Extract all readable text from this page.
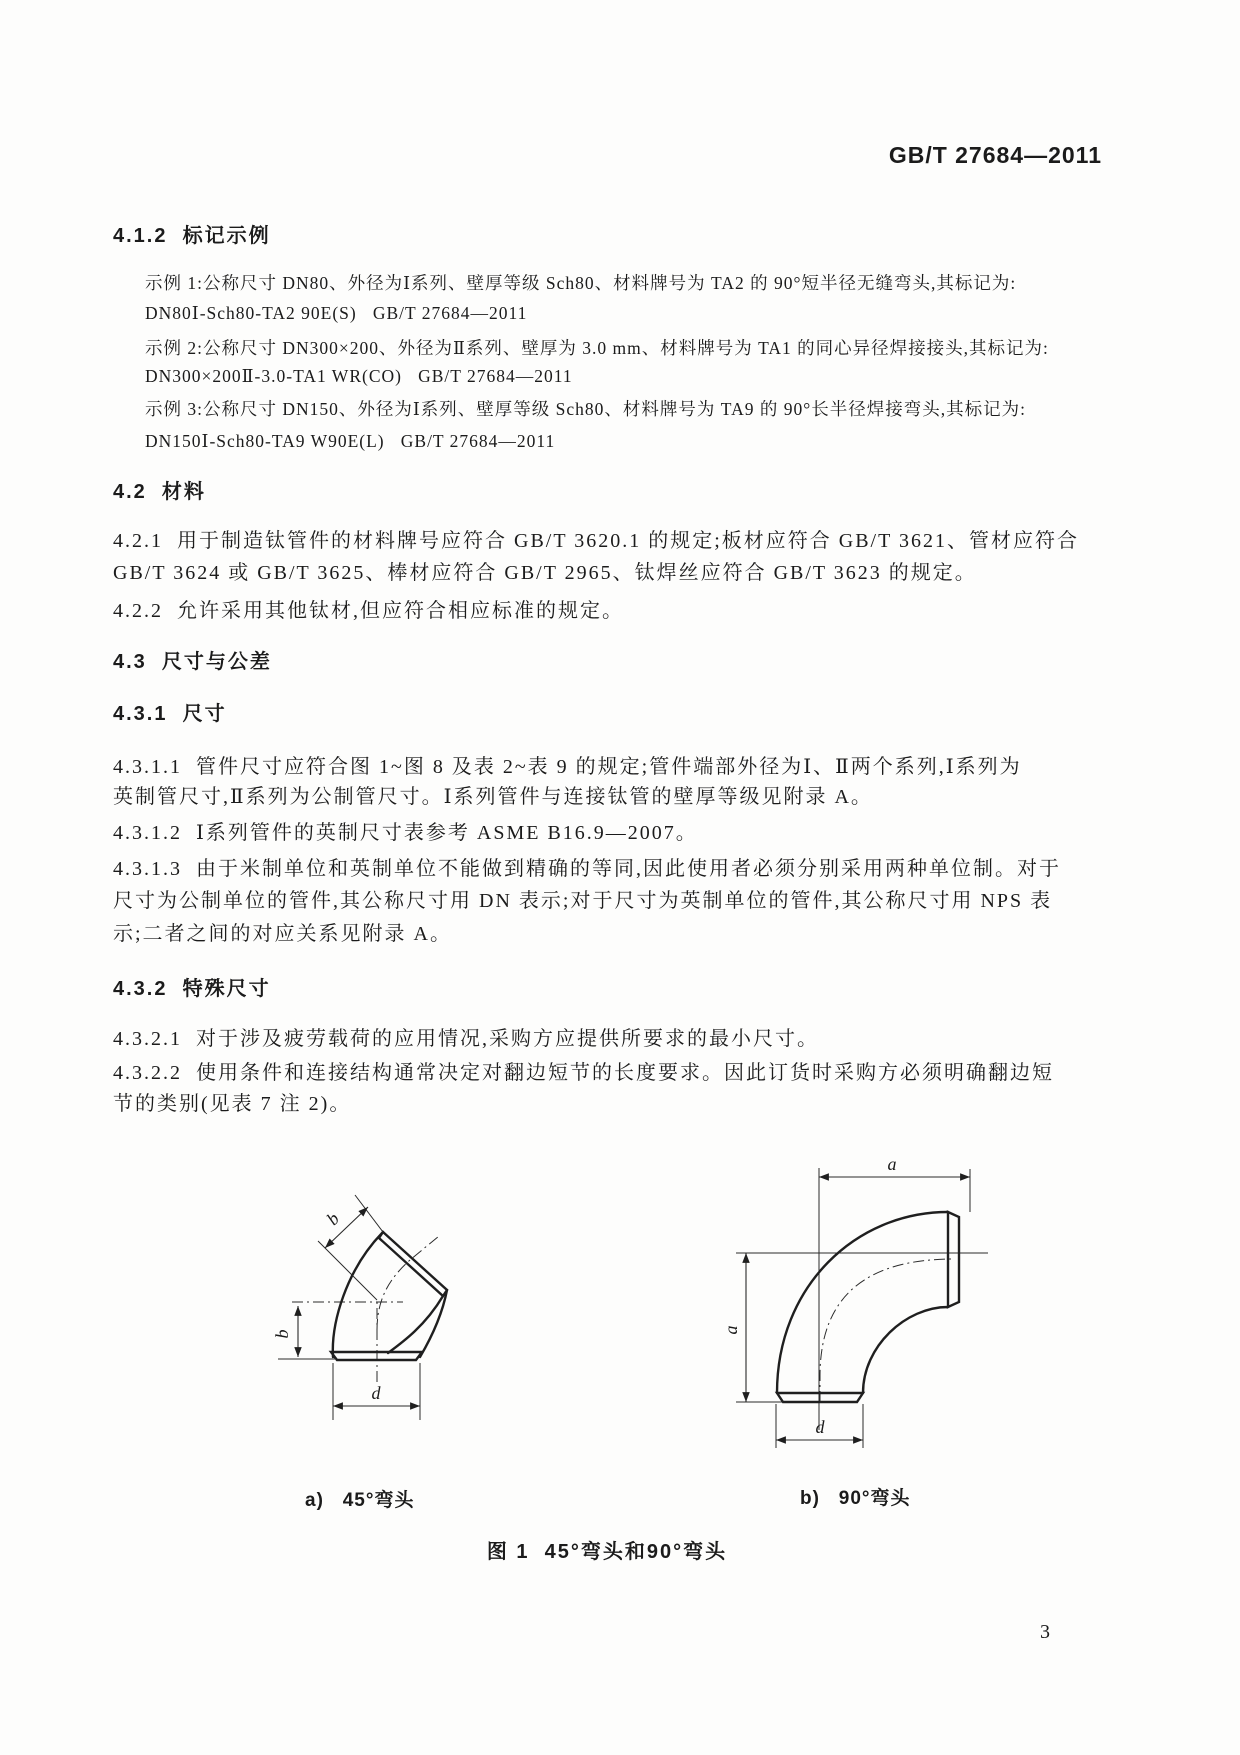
GB/T 27684—2011
4.1.2  标记示例
示例 1:公称尺寸 DN80、外径为Ⅰ系列、壁厚等级 Sch80、材料牌号为 TA2 的 90°短半径无缝弯头,其标记为:
DN80Ⅰ-Sch80-TA2 90E(S)   GB/T 27684—2011
示例 2:公称尺寸 DN300×200、外径为Ⅱ系列、壁厚为 3.0 mm、材料牌号为 TA1 的同心异径焊接接头,其标记为:
DN300×200Ⅱ-3.0-TA1 WR(CO)   GB/T 27684—2011
示例 3:公称尺寸 DN150、外径为Ⅰ系列、壁厚等级 Sch80、材料牌号为 TA9 的 90°长半径焊接弯头,其标记为:
DN150Ⅰ-Sch80-TA9 W90E(L)   GB/T 27684—2011
4.2  材料
4.2.1  用于制造钛管件的材料牌号应符合 GB/T 3620.1 的规定;板材应符合 GB/T 3621、管材应符合
GB/T 3624 或 GB/T 3625、棒材应符合 GB/T 2965、钛焊丝应符合 GB/T 3623 的规定。
4.2.2  允许采用其他钛材,但应符合相应标准的规定。
4.3  尺寸与公差
4.3.1  尺寸
4.3.1.1  管件尺寸应符合图 1~图 8 及表 2~表 9 的规定;管件端部外径为Ⅰ、Ⅱ两个系列,Ⅰ系列为
英制管尺寸,Ⅱ系列为公制管尺寸。Ⅰ系列管件与连接钛管的壁厚等级见附录 A。
4.3.1.2  Ⅰ系列管件的英制尺寸表参考 ASME B16.9—2007。
4.3.1.3  由于米制单位和英制单位不能做到精确的等同,因此使用者必须分别采用两种单位制。对于
尺寸为公制单位的管件,其公称尺寸用 DN 表示;对于尺寸为英制单位的管件,其公称尺寸用 NPS 表
示;二者之间的对应关系见附录 A。
4.3.2  特殊尺寸
4.3.2.1  对于涉及疲劳载荷的应用情况,采购方应提供所要求的最小尺寸。
4.3.2.2  使用条件和连接结构通常决定对翻边短节的长度要求。因此订货时采购方必须明确翻边短
节的类别(见表 7 注 2)。
b
b
d
a
a
d
a)   45°弯头	b)   90°弯头
图 1  45°弯头和90°弯头
3
